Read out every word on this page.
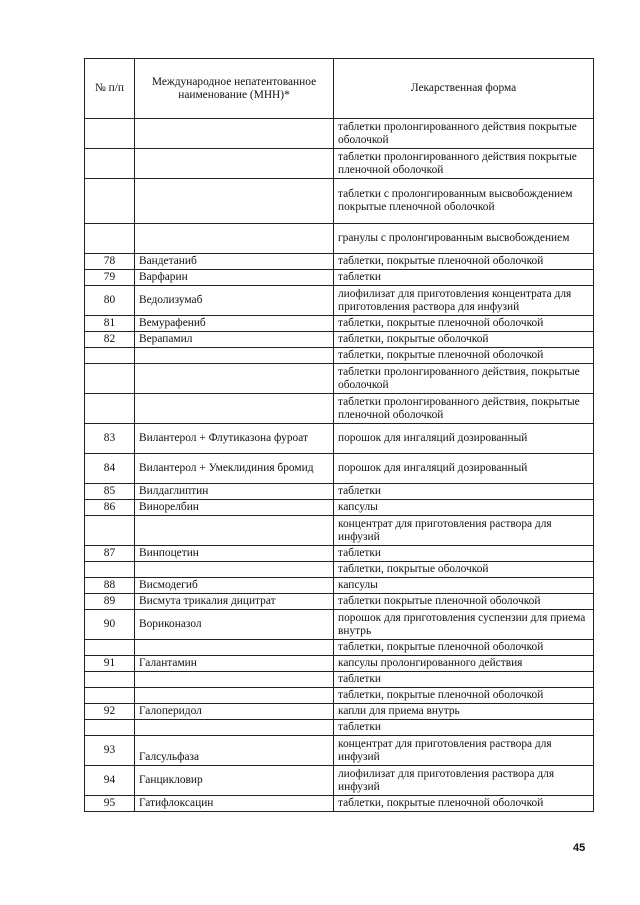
№ п/п	Международное непатентованное наименование (МНН)*	Лекарственная форма
		таблетки пролонгированного действия покрытые оболочкой
		таблетки пролонгированного действия покрытые пленочной оболочкой
		таблетки с пролонгированным высвобождением покрытые пленочной оболочкой
		гранулы с пролонгированным высвобождением
78	Вандетаниб	таблетки, покрытые пленочной оболочкой
79	Варфарин	таблетки
80	Ведолизумаб	лиофилизат для приготовления концентрата для приготовления раствора для инфузий
81	Вемурафениб	таблетки, покрытые пленочной оболочкой
82	Верапамил	таблетки, покрытые оболочкой
		таблетки, покрытые пленочной оболочкой
		таблетки пролонгированного действия, покрытые оболочкой
		таблетки пролонгированного действия, покрытые пленочной оболочкой
83	Вилантерол + Флутиказона фуроат	порошок для ингаляций дозированный
84	Вилантерол + Умеклидиния бромид	порошок для ингаляций дозированный
85	Вилдаглиптин	таблетки
86	Винорелбин	капсулы
		концентрат для приготовления раствора для инфузий
87	Винпоцетин	таблетки
		таблетки, покрытые оболочкой
88	Висмодегиб	капсулы
89	Висмута трикалия дицитрат	таблетки покрытые пленочной оболочкой
90	Вориконазол	порошок для приготовления суспензии для приема внутрь
		таблетки, покрытые пленочной оболочкой
91	Галантамин	капсулы пролонгированного действия
		таблетки
		таблетки, покрытые пленочной оболочкой
92	Галоперидол	капли для приема внутрь
		таблетки
93	Галсульфаза	концентрат для приготовления раствора для инфузий
94	Ганцикловир	лиофилизат для приготовления раствора для инфузий
95	Гатифлоксацин	таблетки, покрытые пленочной оболочкой
45
